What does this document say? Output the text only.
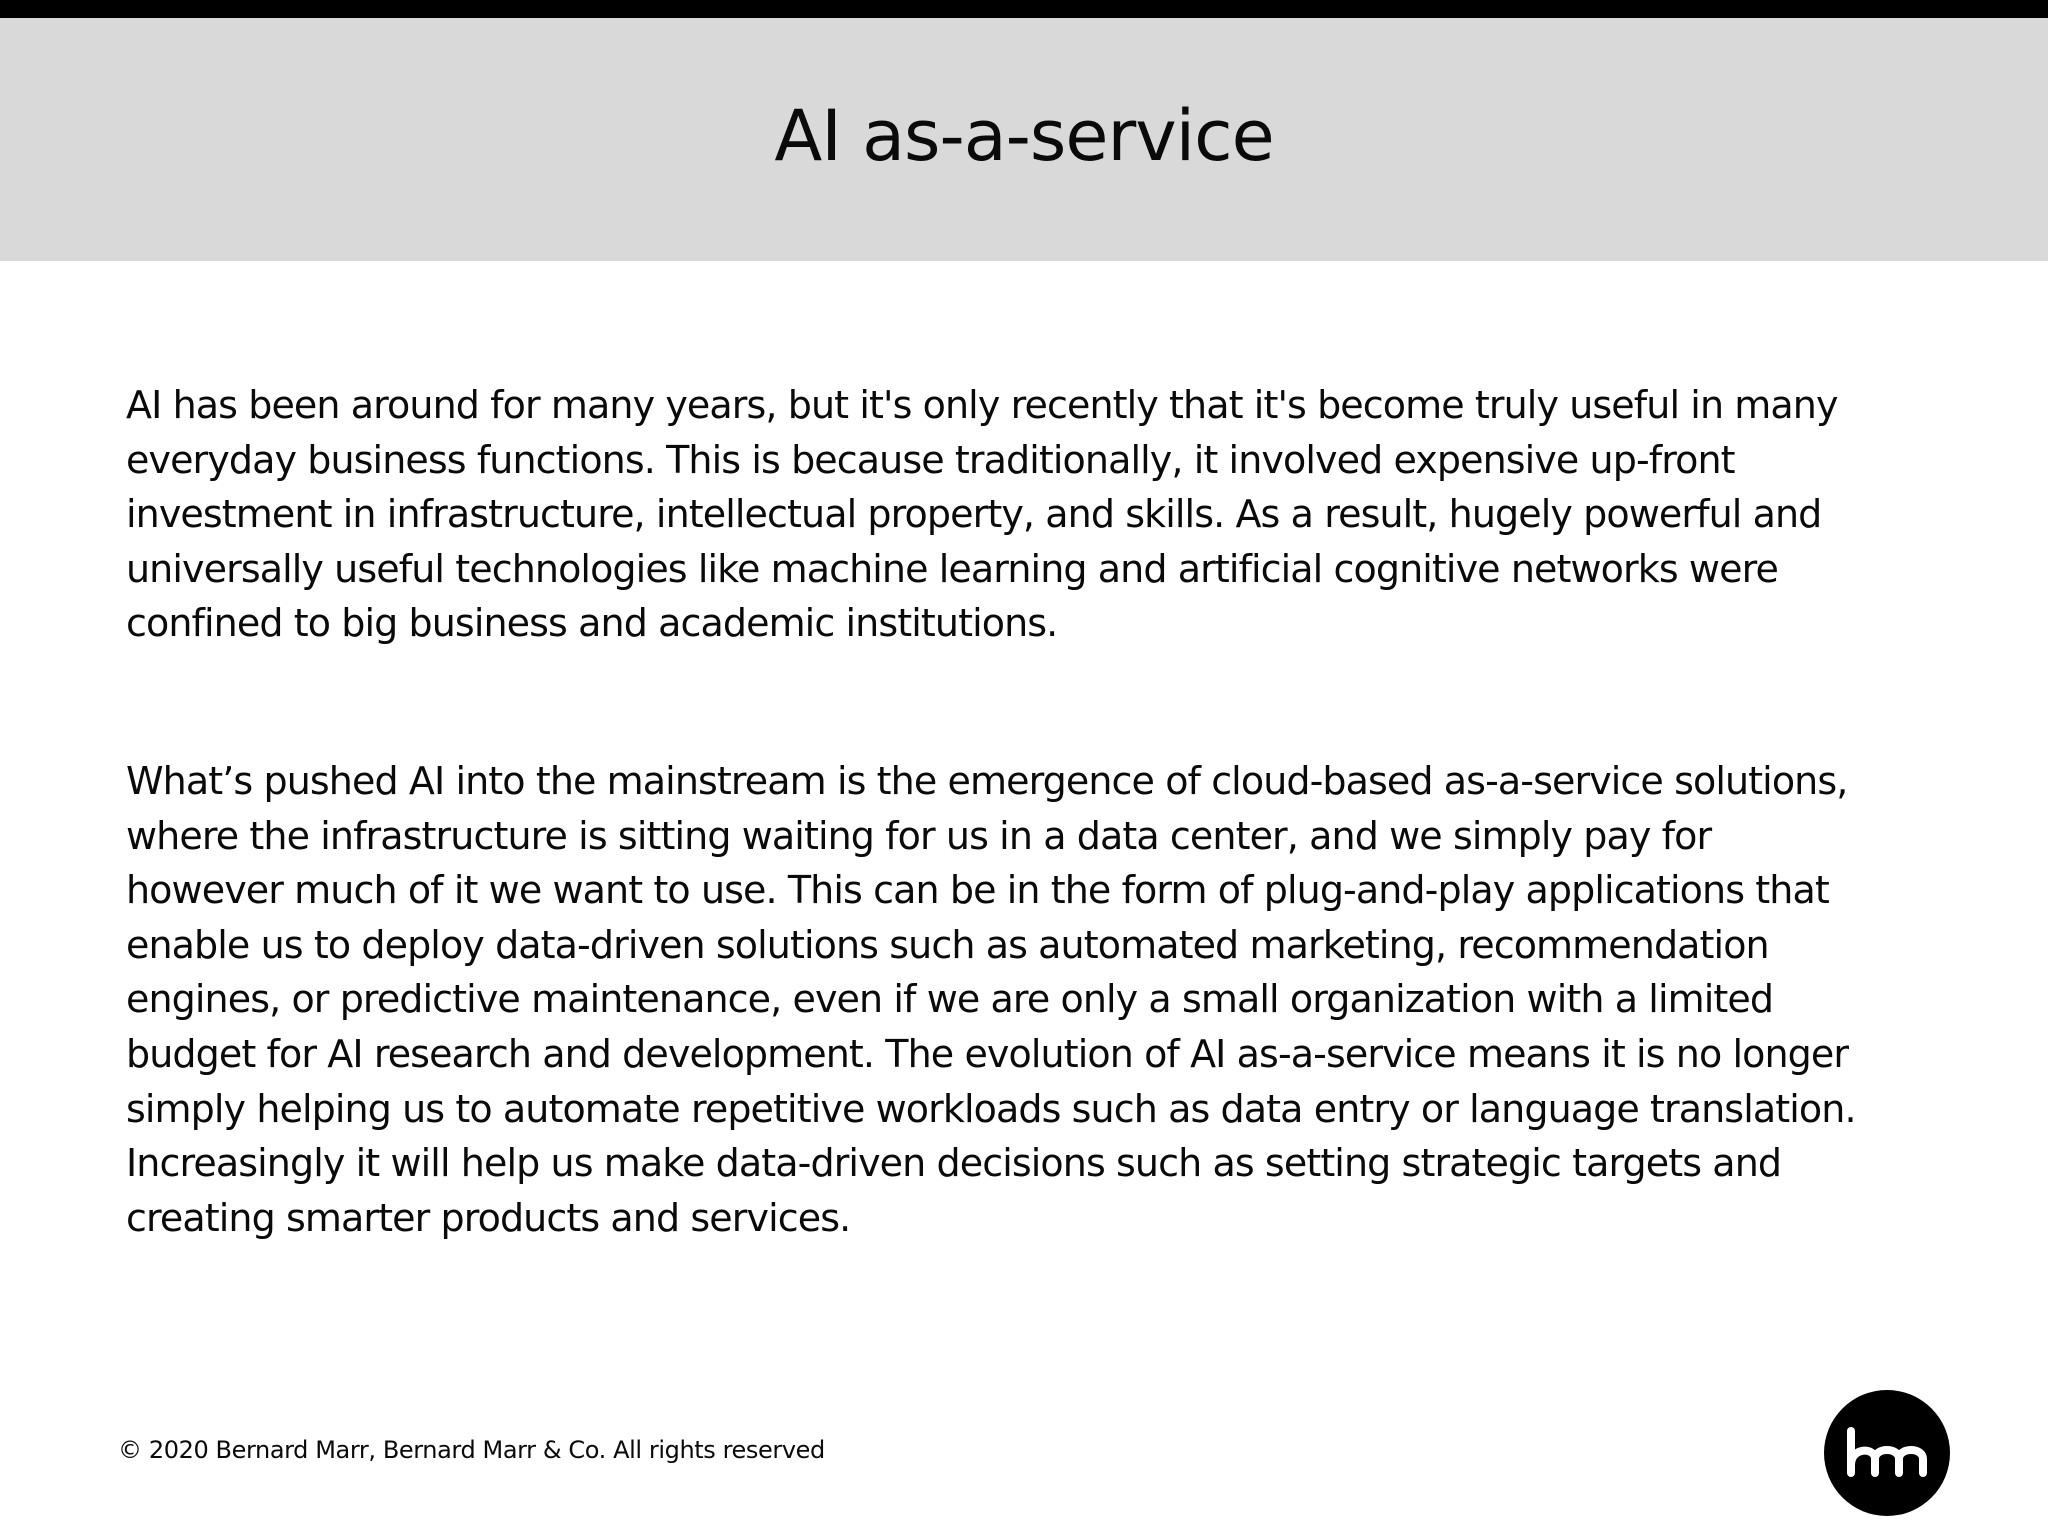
AI as-a-service

AI has been around for many years, but it's only recently that it's become truly useful in many
everyday business functions. This is because traditionally, it involved expensive up-front
investment in infrastructure, intellectual property, and skills. As a result, hugely powerful and
universally useful technologies like machine learning and artificial cognitive networks were
confined to big business and academic institutions.

What’s pushed AI into the mainstream is the emergence of cloud-based as-a-service solutions,
where the infrastructure is sitting waiting for us in a data center, and we simply pay for
however much of it we want to use. This can be in the form of plug-and-play applications that
enable us to deploy data-driven solutions such as automated marketing, recommendation
engines, or predictive maintenance, even if we are only a small organization with a limited
budget for AI research and development. The evolution of AI as-a-service means it is no longer
simply helping us to automate repetitive workloads such as data entry or language translation.
Increasingly it will help us make data-driven decisions such as setting strategic targets and
creating smarter products and services.

© 2020 Bernard Marr, Bernard Marr & Co. All rights reserved
